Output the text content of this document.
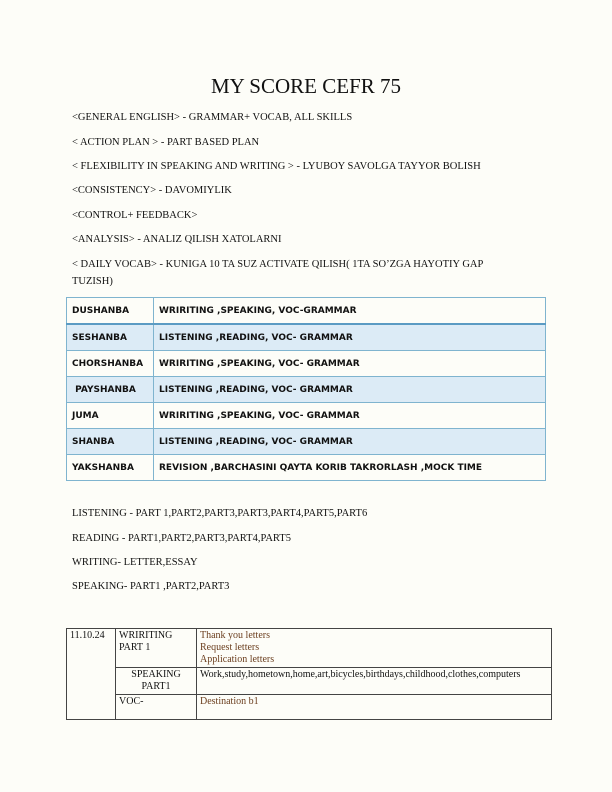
MY SCORE CEFR 75
<GENERAL ENGLISH> - GRAMMAR+ VOCAB, ALL SKILLS
< ACTION PLAN > - PART BASED PLAN
< FLEXIBILITY IN SPEAKING AND WRITING > - LYUBOY SAVOLGA TAYYOR BOLISH
<CONSISTENCY> - DAVOMIYLIK
<CONTROL+ FEEDBACK>
<ANALYSIS> - ANALIZ QILISH XATOLARNI
< DAILY VOCAB> - KUNIGA 10 TA SUZ ACTIVATE QILISH( 1TA SO’ZGA HAYOTIY GAP TUZISH)
DUSHANBA	WRIRITING ,SPEAKING, VOC-GRAMMAR
SESHANBA	LISTENING ,READING, VOC- GRAMMAR
CHORSHANBA	WRIRITING ,SPEAKING, VOC- GRAMMAR
PAYSHANBA	LISTENING ,READING, VOC- GRAMMAR
JUMA	WRIRITING ,SPEAKING, VOC- GRAMMAR
SHANBA	LISTENING ,READING, VOC- GRAMMAR
YAKSHANBA	REVISION ,BARCHASINI QAYTA KORIB TAKRORLASH ,MOCK TIME
LISTENING - PART 1,PART2,PART3,PART3,PART4,PART5,PART6
READING - PART1,PART2,PART3,PART4,PART5
WRITING- LETTER,ESSAY
SPEAKING- PART1 ,PART2,PART3
11.10.24	WRIRITING PART 1	Thank you letters
Request letters
Application letters

	SPEAKING PART1	Work,study,hometown,home,art,bicycles,birthdays,childhood,clothes,computers
	VOC-	Destination b1
